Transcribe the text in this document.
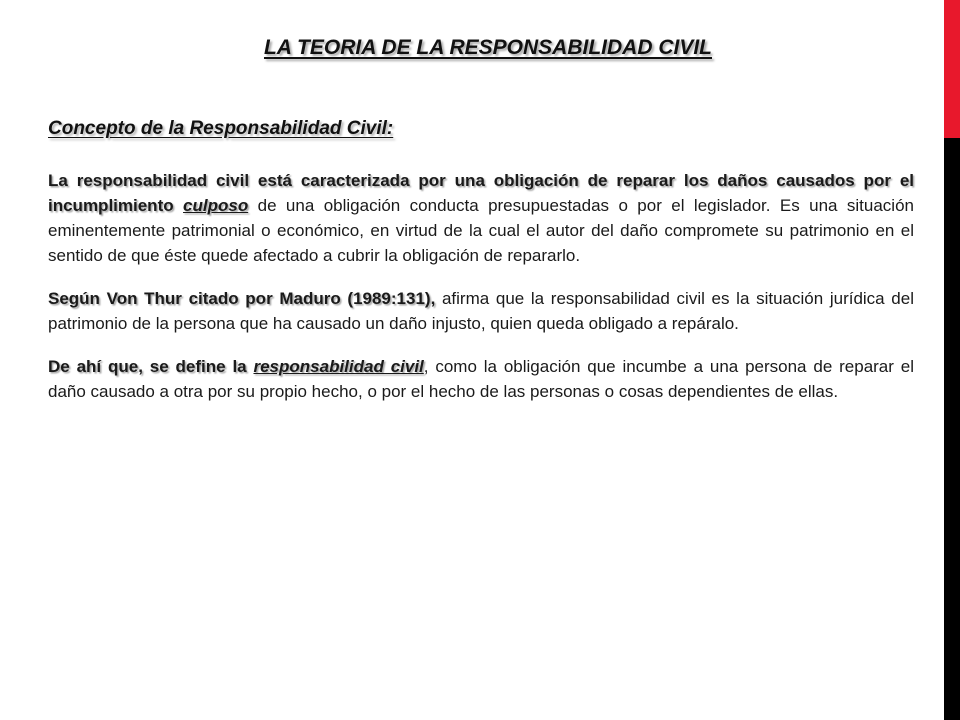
LA TEORIA DE LA RESPONSABILIDAD CIVIL
Concepto de la Responsabilidad Civil:

La responsabilidad civil está caracterizada por una obligación de reparar los daños causados por el incumplimiento culposo de una obligación conducta presupuestadas o por el legislador. Es una situación eminentemente patrimonial o económico, en virtud de la cual el autor del daño compromete su patrimonio en el sentido de que éste quede afectado a cubrir la obligación de repararlo.

Según Von Thur citado por Maduro (1989:131), afirma que la responsabilidad civil es la situación jurídica del patrimonio de la persona que ha causado un daño injusto, quien queda obligado a repáralo.

De ahí que, se define la responsabilidad civil, como la obligación que incumbe a una persona de reparar el daño causado a otra por su propio hecho, o por el hecho de las personas o cosas dependientes de ellas.
